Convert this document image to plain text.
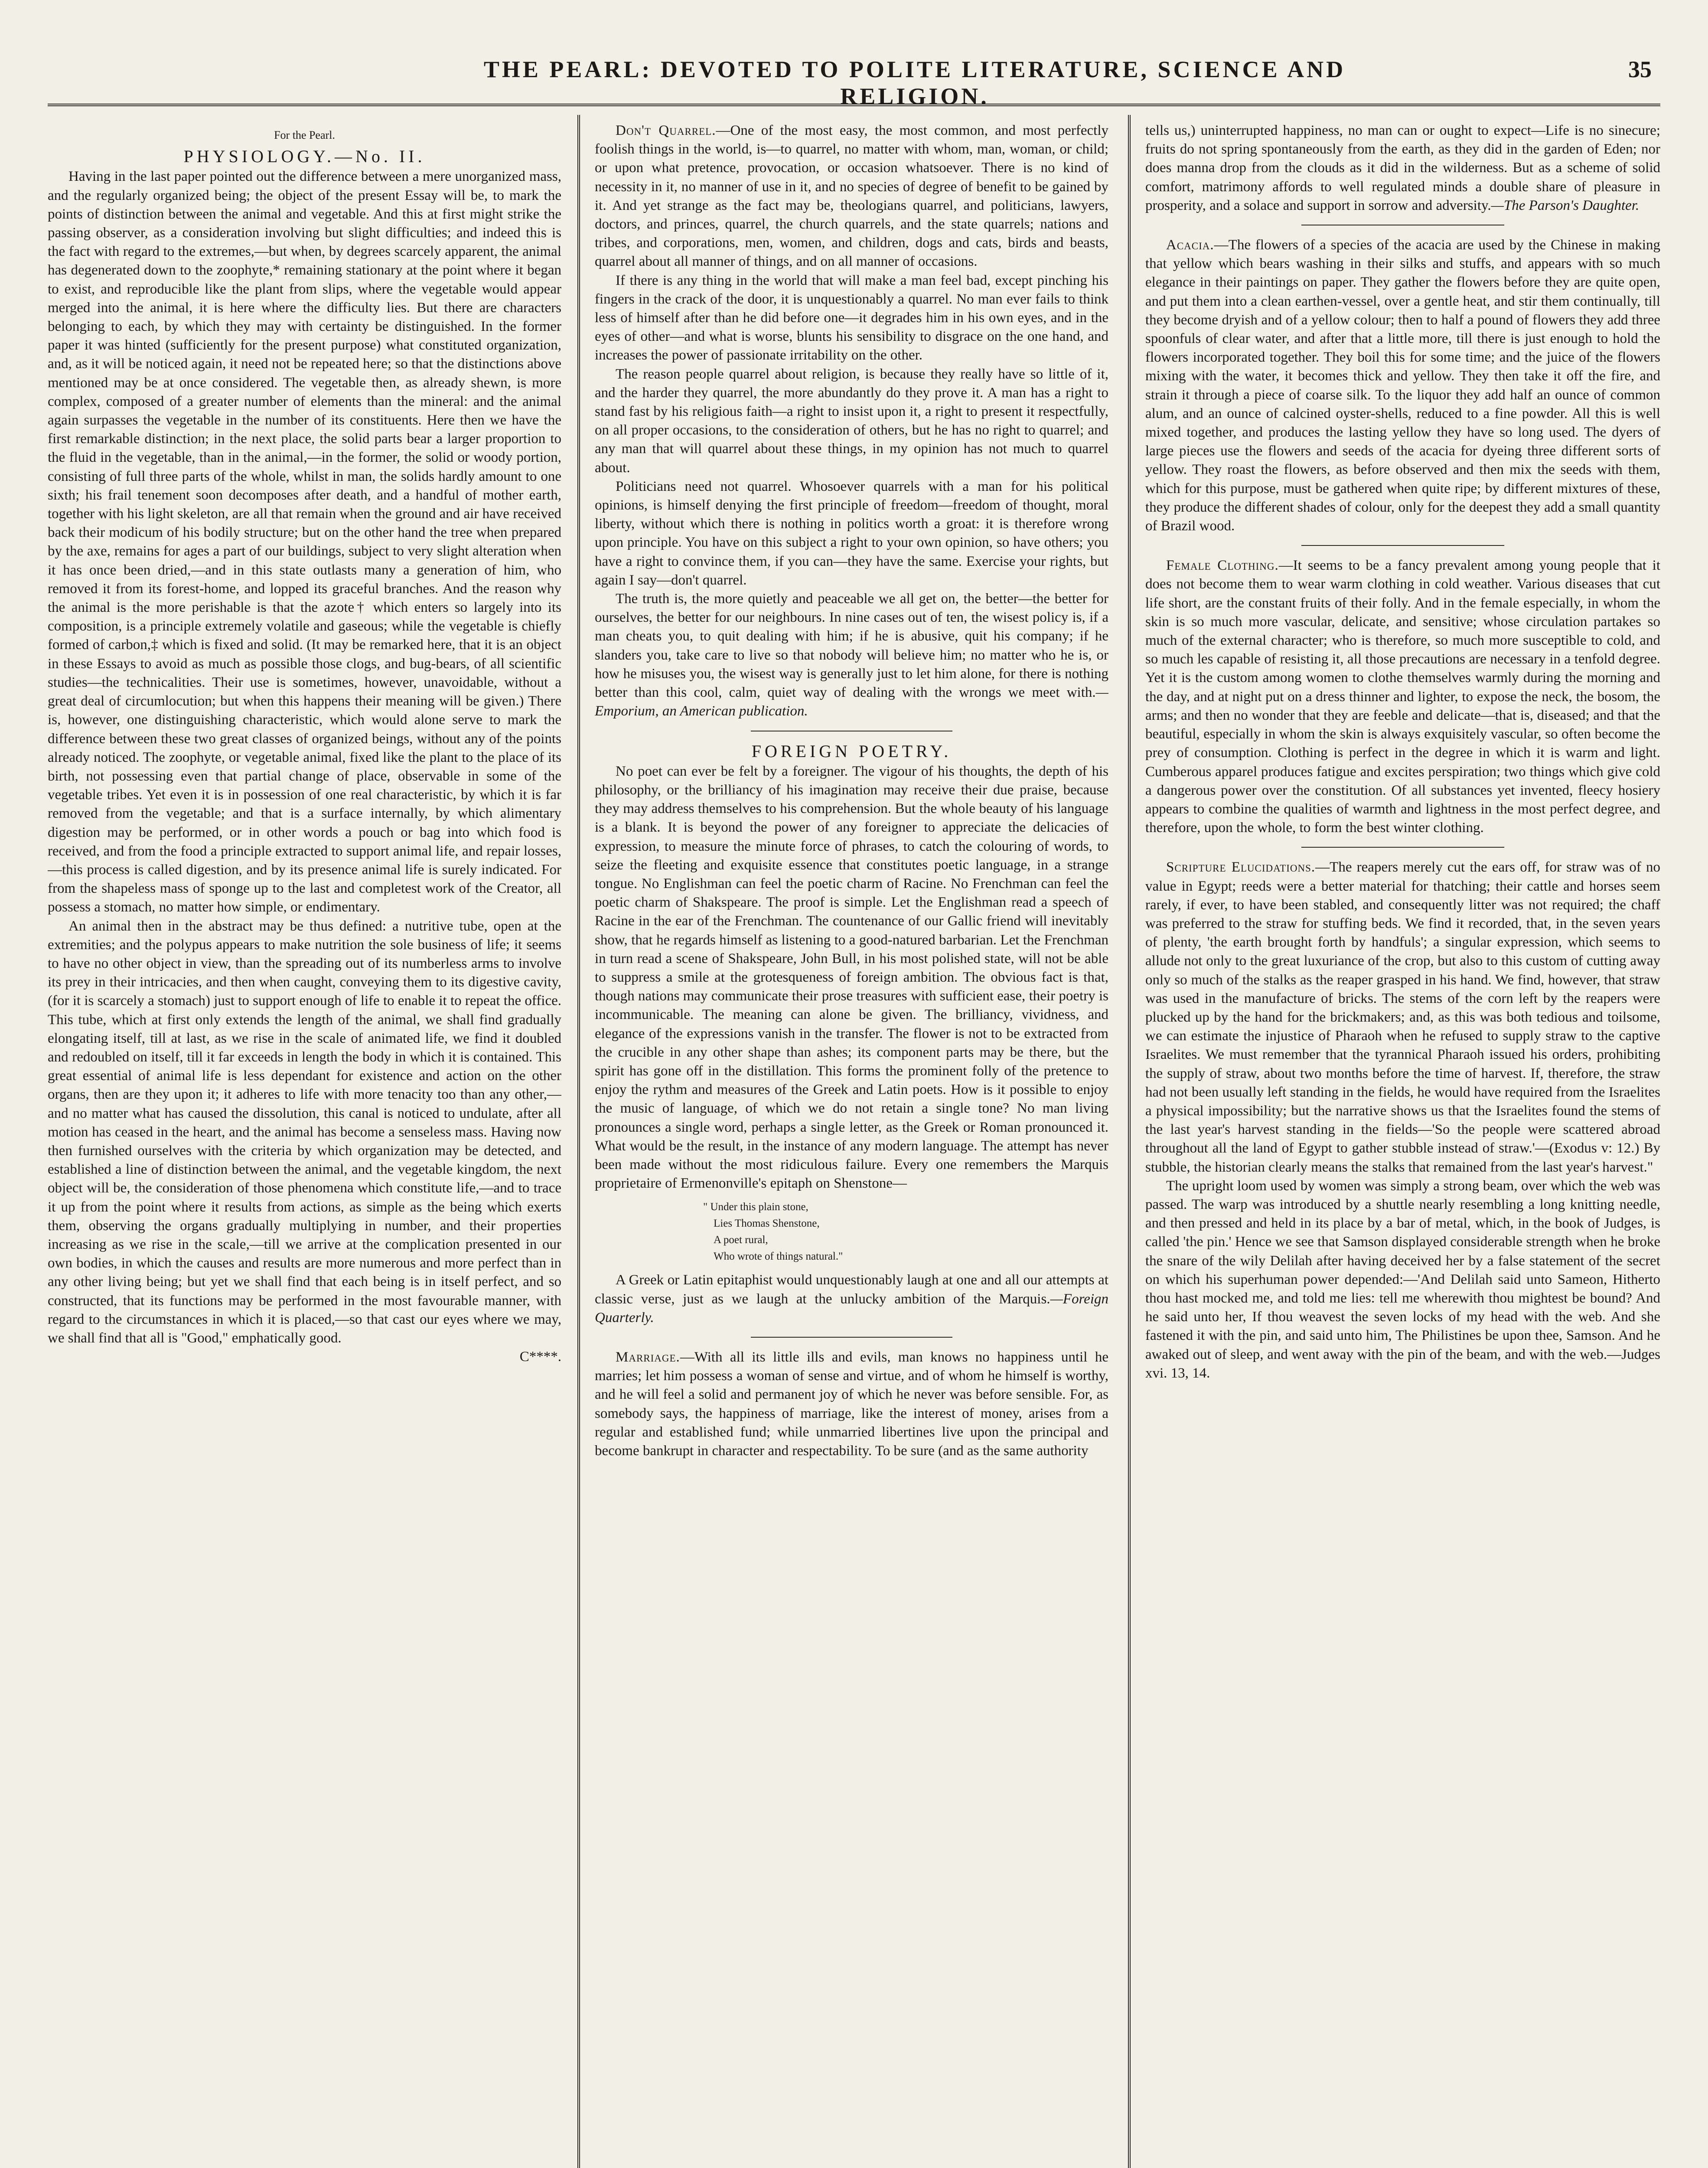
THE PEARL: DEVOTED TO POLITE LITERATURE, SCIENCE AND RELIGION.
35
For the Pearl.
PHYSIOLOGY.—No. II.

Having in the last paper pointed out the difference between a mere unorganized mass, and the regularly organized being; the object of the present Essay will be, to mark the points of distinction between the animal and vegetable. And this at first might strike the passing observer, as a consideration involving but slight difficulties; and indeed this is the fact with regard to the extremes,—but when, by degrees scarcely apparent, the animal has degenerated down to the zoophyte,* remaining stationary at the point where it began to exist, and reproducible like the plant from slips, where the vegetable would appear merged into the animal, it is here where the difficulty lies. But there are characters belonging to each, by which they may with certainty be distinguished. In the former paper it was hinted (sufficiently for the present purpose) what constituted organization, and, as it will be noticed again, it need not be repeated here; so that the distinctions above mentioned may be at once considered. The vegetable then, as already shewn, is more complex, composed of a greater number of elements than the mineral: and the animal again surpasses the vegetable in the number of its constituents. Here then we have the first remarkable distinction; in the next place, the solid parts bear a larger proportion to the fluid in the vegetable, than in the animal,—in the former, the solid or woody portion, consisting of full three parts of the whole, whilst in man, the solids hardly amount to one sixth; his frail tenement soon decomposes after death, and a handful of mother earth, together with his light skeleton, are all that remain when the ground and air have received back their modicum of his bodily structure; but on the other hand the tree when prepared by the axe, remains for ages a part of our buildings, subject to very slight alteration when it has once been dried,—and in this state outlasts many a generation of him, who removed it from its forest-home, and lopped its graceful branches. And the reason why the animal is the more perishable is that the azote† which enters so largely into its composition, is a principle extremely volatile and gaseous; while the vegetable is chiefly formed of carbon,‡ which is fixed and solid. (It may be remarked here, that it is an object in these Essays to avoid as much as possible those clogs, and bug-bears, of all scientific studies—the technicalities. Their use is sometimes, however, unavoidable, without a great deal of circumlocution; but when this happens their meaning will be given.) There is, however, one distinguishing characteristic, which would alone serve to mark the difference between these two great classes of organized beings, without any of the points already noticed. The zoophyte, or vegetable animal, fixed like the plant to the place of its birth, not possessing even that partial change of place, observable in some of the vegetable tribes. Yet even it is in possession of one real characteristic, by which it is far removed from the vegetable; and that is a surface internally, by which alimentary digestion may be performed, or in other words a pouch or bag into which food is received, and from the food a principle extracted to support animal life, and repair losses,—this process is called digestion, and by its presence animal life is surely indicated. For from the shapeless mass of sponge up to the last and completest work of the Creator, all possess a stomach, no matter how simple, or endimentary.

An animal then in the abstract may be thus defined: a nutritive tube, open at the extremities; and the polypus appears to make nutrition the sole business of life; it seems to have no other object in view, than the spreading out of its numberless arms to involve its prey in their intricacies, and then when caught, conveying them to its digestive cavity, (for it is scarcely a stomach) just to support enough of life to enable it to repeat the office. This tube, which at first only extends the length of the animal, we shall find gradually elongating itself, till at last, as we rise in the scale of animated life, we find it doubled and redoubled on itself, till it far exceeds in length the body in which it is contained. This great essential of animal life is less dependant for existence and action on the other organs, then are they upon it; it adheres to life with more tenacity too than any other,—and no matter what has caused the dissolution, this canal is noticed to undulate, after all motion has ceased in the heart, and the animal has become a senseless mass. Having now then furnished ourselves with the criteria by which organization may be detected, and established a line of distinction between the animal, and the vegetable kingdom, the next object will be, the consideration of those phenomena which constitute life,—and to trace it up from the point where it results from actions, as simple as the being which exerts them, observing the organs gradually multiplying in number, and their properties increasing as we rise in the scale,—till we arrive at the complication presented in our own bodies, in which the causes and results are more numerous and more perfect than in any other living being; but yet we shall find that each being is in itself perfect, and so constructed, that its functions may be performed in the most favourable manner, with regard to the circumstances in which it is placed,—so that cast our eyes where we may, we shall find that all is "Good," emphatically good.

C****.

Don't Quarrel.—One of the most easy, the most common, and most perfectly foolish things in the world, is—to quarrel, no matter with whom, man, woman, or child; or upon what pretence, provocation, or occasion whatsoever. There is no kind of necessity in it, no manner of use in it, and no species of degree of benefit to be gained by it. And yet strange as the fact may be, theologians quarrel, and politicians, lawyers, doctors, and princes, quarrel, the church quarrels, and the state quarrels; nations and tribes, and corporations, men, women, and children, dogs and cats, birds and beasts, quarrel about all manner of things, and on all manner of occasions.

If there is any thing in the world that will make a man feel bad, except pinching his fingers in the crack of the door, it is unquestionably a quarrel. No man ever fails to think less of himself after than he did before one—it degrades him in his own eyes, and in the eyes of other—and what is worse, blunts his sensibility to disgrace on the one hand, and increases the power of passionate irritability on the other.

The reason people quarrel about religion, is because they really have so little of it, and the harder they quarrel, the more abundantly do they prove it. A man has a right to stand fast by his religious faith—a right to insist upon it, a right to present it respectfully, on all proper occasions, to the consideration of others, but he has no right to quarrel; and any man that will quarrel about these things, in my opinion has not much to quarrel about.

Politicians need not quarrel. Whosoever quarrels with a man for his political opinions, is himself denying the first principle of freedom—freedom of thought, moral liberty, without which there is nothing in politics worth a groat: it is therefore wrong upon principle. You have on this subject a right to your own opinion, so have others; you have a right to convince them, if you can—they have the same. Exercise your rights, but again I say—don't quarrel.

The truth is, the more quietly and peaceable we all get on, the better—the better for ourselves, the better for our neighbours. In nine cases out of ten, the wisest policy is, if a man cheats you, to quit dealing with him; if he is abusive, quit his company; if he slanders you, take care to live so that nobody will believe him; no matter who he is, or how he misuses you, the wisest way is generally just to let him alone, for there is nothing better than this cool, calm, quiet way of dealing with the wrongs we meet with.—Emporium, an American publication.

FOREIGN POETRY.

No poet can ever be felt by a foreigner. The vigour of his thoughts, the depth of his philosophy, or the brilliancy of his imagination may receive their due praise, because they may address themselves to his comprehension. But the whole beauty of his language is a blank. It is beyond the power of any foreigner to appreciate the delicacies of expression, to measure the minute force of phrases, to catch the colouring of words, to seize the fleeting and exquisite essence that constitutes poetic language, in a strange tongue. No Englishman can feel the poetic charm of Racine. No Frenchman can feel the poetic charm of Shakspeare. The proof is simple. Let the Englishman read a speech of Racine in the ear of the Frenchman. The countenance of our Gallic friend will inevitably show, that he regards himself as listening to a good-natured barbarian. Let the Frenchman in turn read a scene of Shakspeare, John Bull, in his most polished state, will not be able to suppress a smile at the grotesqueness of foreign ambition. The obvious fact is that, though nations may communicate their prose treasures with sufficient ease, their poetry is incommunicable. The meaning can alone be given. The brilliancy, vividness, and elegance of the expressions vanish in the transfer. The flower is not to be extracted from the crucible in any other shape than ashes; its component parts may be there, but the spirit has gone off in the distillation. This forms the prominent folly of the pretence to enjoy the rythm and measures of the Greek and Latin poets. How is it possible to enjoy the music of language, of which we do not retain a single tone? No man living pronounces a single word, perhaps a single letter, as the Greek or Roman pronounced it. What would be the result, in the instance of any modern language. The attempt has never been made without the most ridiculous failure. Every one remembers the Marquis proprietaire of Ermenonville's epitaph on Shenstone—

" Under this plain stone,
Lies Thomas Shenstone,
A poet rural,
Who wrote of things natural."

A Greek or Latin epitaphist would unquestionably laugh at one and all our attempts at classic verse, just as we laugh at the unlucky ambition of the Marquis.—Foreign Quarterly.

Marriage.—With all its little ills and evils, man knows no happiness until he marries; let him possess a woman of sense and virtue, and of whom he himself is worthy, and he will feel a solid and permanent joy of which he never was before sensible. For, as somebody says, the happiness of marriage, like the interest of money, arises from a regular and established fund; while unmarried libertines live upon the principal and become bankrupt in character and respectability. To be sure (and as the same authority

tells us,) uninterrupted happiness, no man can or ought to expect—Life is no sinecure; fruits do not spring spontaneously from the earth, as they did in the garden of Eden; nor does manna drop from the clouds as it did in the wilderness. But as a scheme of solid comfort, matrimony affords to well regulated minds a double share of pleasure in prosperity, and a solace and support in sorrow and adversity.—The Parson's Daughter.

Acacia.—The flowers of a species of the acacia are used by the Chinese in making that yellow which bears washing in their silks and stuffs, and appears with so much elegance in their paintings on paper. They gather the flowers before they are quite open, and put them into a clean earthen-vessel, over a gentle heat, and stir them continually, till they become dryish and of a yellow colour; then to half a pound of flowers they add three spoonfuls of clear water, and after that a little more, till there is just enough to hold the flowers incorporated together. They boil this for some time; and the juice of the flowers mixing with the water, it becomes thick and yellow. They then take it off the fire, and strain it through a piece of coarse silk. To the liquor they add half an ounce of common alum, and an ounce of calcined oyster-shells, reduced to a fine powder. All this is well mixed together, and produces the lasting yellow they have so long used. The dyers of large pieces use the flowers and seeds of the acacia for dyeing three different sorts of yellow. They roast the flowers, as before observed and then mix the seeds with them, which for this purpose, must be gathered when quite ripe; by different mixtures of these, they produce the different shades of colour, only for the deepest they add a small quantity of Brazil wood.

Female Clothing.—It seems to be a fancy prevalent among young people that it does not become them to wear warm clothing in cold weather. Various diseases that cut life short, are the constant fruits of their folly. And in the female especially, in whom the skin is so much more vascular, delicate, and sensitive; whose circulation partakes so much of the external character; who is therefore, so much more susceptible to cold, and so much les capable of resisting it, all those precautions are necessary in a tenfold degree. Yet it is the custom among women to clothe themselves warmly during the morning and the day, and at night put on a dress thinner and lighter, to expose the neck, the bosom, the arms; and then no wonder that they are feeble and delicate—that is, diseased; and that the beautiful, especially in whom the skin is always exquisitely vascular, so often become the prey of consumption. Clothing is perfect in the degree in which it is warm and light. Cumberous apparel produces fatigue and excites perspiration; two things which give cold a dangerous power over the constitution. Of all substances yet invented, fleecy hosiery appears to combine the qualities of warmth and lightness in the most perfect degree, and therefore, upon the whole, to form the best winter clothing.

Scripture Elucidations.—The reapers merely cut the ears off, for straw was of no value in Egypt; reeds were a better material for thatching; their cattle and horses seem rarely, if ever, to have been stabled, and consequently litter was not required; the chaff was preferred to the straw for stuffing beds. We find it recorded, that, in the seven years of plenty, 'the earth brought forth by handfuls'; a singular expression, which seems to allude not only to the great luxuriance of the crop, but also to this custom of cutting away only so much of the stalks as the reaper grasped in his hand. We find, however, that straw was used in the manufacture of bricks. The stems of the corn left by the reapers were plucked up by the hand for the brickmakers; and, as this was both tedious and toilsome, we can estimate the injustice of Pharaoh when he refused to supply straw to the captive Israelites. We must remember that the tyrannical Pharaoh issued his orders, prohibiting the supply of straw, about two months before the time of harvest. If, therefore, the straw had not been usually left standing in the fields, he would have required from the Israelites a physical impossibility; but the narrative shows us that the Israelites found the stems of the last year's harvest standing in the fields—'So the people were scattered abroad throughout all the land of Egypt to gather stubble instead of straw.'—(Exodus v: 12.) By stubble, the historian clearly means the stalks that remained from the last year's harvest."

The upright loom used by women was simply a strong beam, over which the web was passed. The warp was introduced by a shuttle nearly resembling a long knitting needle, and then pressed and held in its place by a bar of metal, which, in the book of Judges, is called 'the pin.' Hence we see that Samson displayed considerable strength when he broke the snare of the wily Delilah after having deceived her by a false statement of the secret on which his superhuman power depended:—'And Delilah said unto Sameon, Hitherto thou hast mocked me, and told me lies: tell me wherewith thou mightest be bound? And he said unto her, If thou weavest the seven locks of my head with the web. And she fastened it with the pin, and said unto him, The Philistines be upon thee, Samson. And he awaked out of sleep, and went away with the pin of the beam, and with the web.—Judges xvi. 13, 14.
